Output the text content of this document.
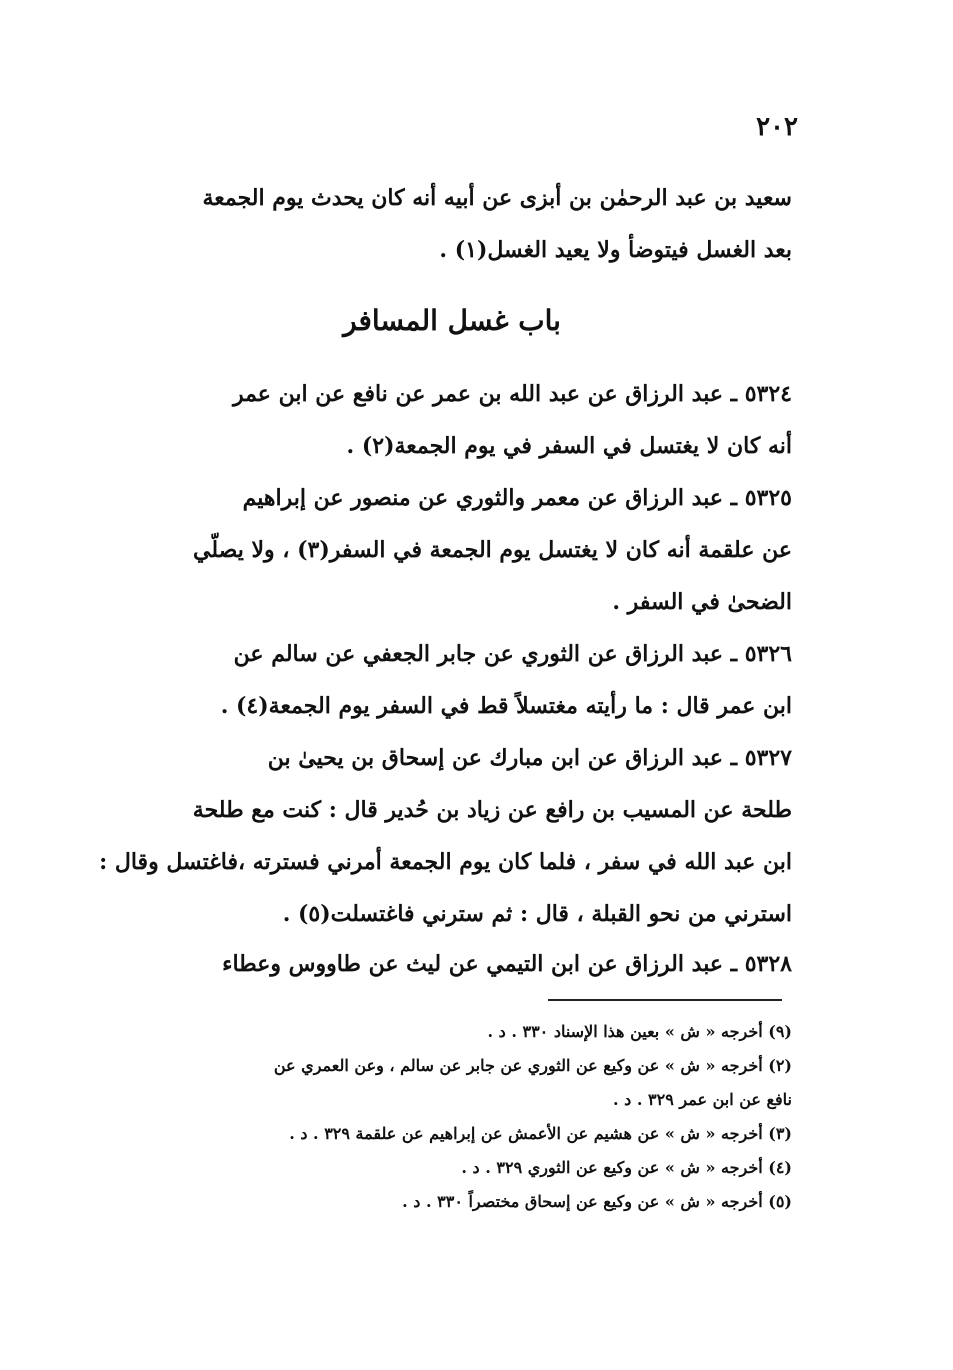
٢٠٢
سعيد بن عبد الرحمٰن بن أبزى عن أبيه أنه كان يحدث يوم الجمعة
بعد الغسل فيتوضأ ولا يعيد الغسل(١) .
باب غسل المسافر
٥٣٢٤ ـ عبد الرزاق عن عبد الله بن عمر عن نافع عن ابن عمر
أنه كان لا يغتسل في السفر في يوم الجمعة(٢) .
٥٣٢٥ ـ عبد الرزاق عن معمر والثوري عن منصور عن إبراهيم
عن علقمة أنه كان لا يغتسل يوم الجمعة في السفر(٣) ، ولا يصلّي
الضحىٰ في السفر .
٥٣٢٦ ـ عبد الرزاق عن الثوري عن جابر الجعفي عن سالم عن
ابن عمر قال : ما رأيته مغتسلاً قط في السفر يوم الجمعة(٤) .
٥٣٢٧ ـ عبد الرزاق عن ابن مبارك عن إسحاق بن يحيىٰ بن
طلحة عن المسيب بن رافع عن زياد بن حُدير قال : كنت مع طلحة
ابن عبد الله في سفر ، فلما كان يوم الجمعة أمرني فسترته ،فاغتسل وقال :
استرني من نحو القبلة ، قال : ثم سترني فاغتسلت(٥) .
٥٣٢٨ ـ عبد الرزاق عن ابن التيمي عن ليث عن طاووس وعطاء
(٩) أخرجه « ش » بعين هذا الإسناد ٣٣٠ . د .
(٢) أخرجه « ش » عن وكيع عن الثوري عن جابر عن سالم ، وعن العمري عن
نافع عن ابن عمر ٣٢٩ . د .
(٣) أخرجه « ش » عن هشيم عن الأعمش عن إبراهيم عن علقمة ٣٢٩ . د .
(٤) أخرجه « ش » عن وكيع عن الثوري ٣٢٩ . د .
(٥) أخرجه « ش » عن وكيع عن إسحاق مختصراً ٣٣٠ . د .
